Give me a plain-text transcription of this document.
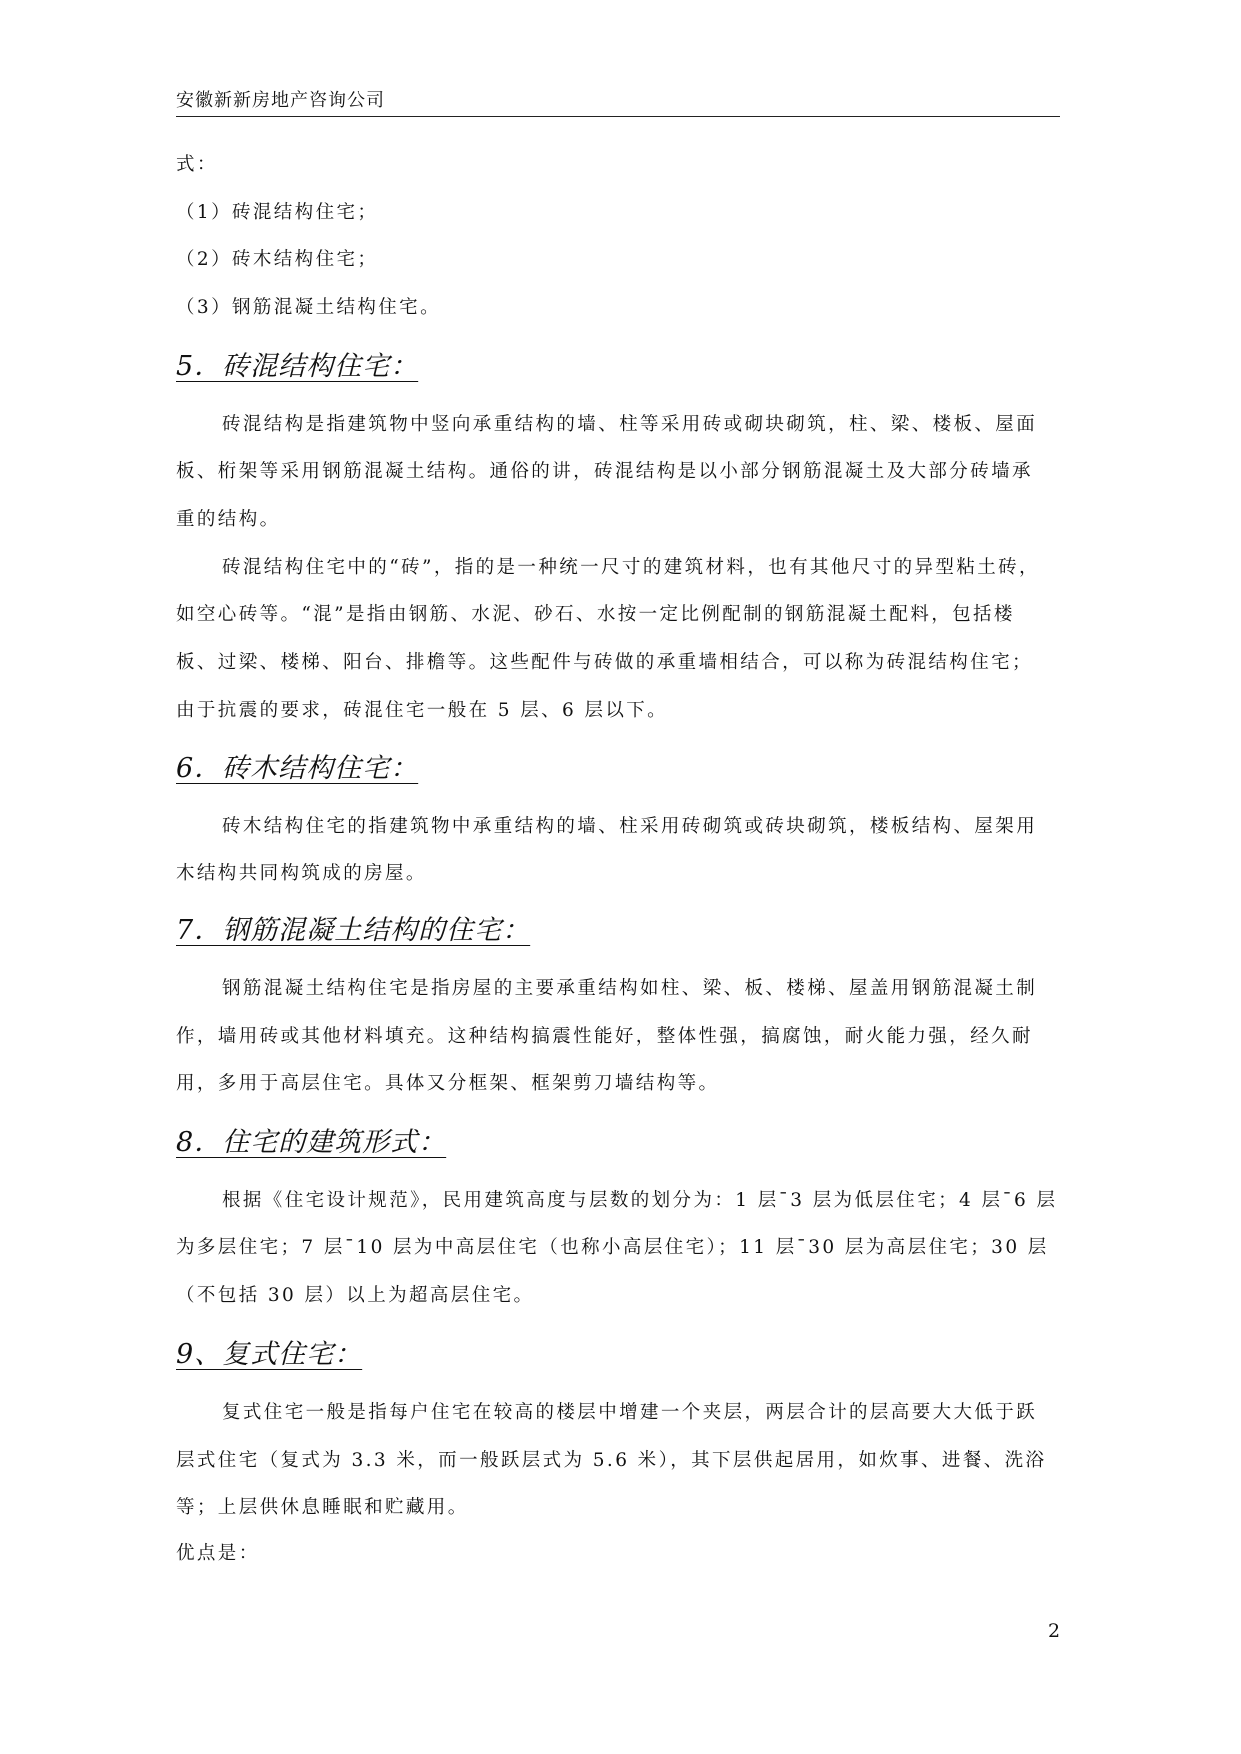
安徽新新房地产咨询公司
式：
（1）砖混结构住宅；
（2）砖木结构住宅；
（3）钢筋混凝土结构住宅。
5．砖混结构住宅：
砖混结构是指建筑物中竖向承重结构的墙、柱等采用砖或砌块砌筑，柱、梁、楼板、屋面
板、桁架等采用钢筋混凝土结构。通俗的讲，砖混结构是以小部分钢筋混凝土及大部分砖墙承
重的结构。
砖混结构住宅中的“砖”，指的是一种统一尺寸的建筑材料，也有其他尺寸的异型粘土砖，
如空心砖等。“混”是指由钢筋、水泥、砂石、水按一定比例配制的钢筋混凝土配料，包括楼
板、过梁、楼梯、阳台、排檐等。这些配件与砖做的承重墙相结合，可以称为砖混结构住宅；
由于抗震的要求，砖混住宅一般在 5 层、6 层以下。
6．砖木结构住宅：
砖木结构住宅的指建筑物中承重结构的墙、柱采用砖砌筑或砖块砌筑，楼板结构、屋架用
木结构共同构筑成的房屋。
7．钢筋混凝土结构的住宅：
钢筋混凝土结构住宅是指房屋的主要承重结构如柱、梁、板、楼梯、屋盖用钢筋混凝土制
作，墙用砖或其他材料填充。这种结构搞震性能好，整体性强，搞腐蚀，耐火能力强，经久耐
用，多用于高层住宅。具体又分框架、框架剪刀墙结构等。
8．住宅的建筑形式：
根据《住宅设计规范》，民用建筑高度与层数的划分为：1 层¯3 层为低层住宅；4 层¯6 层
为多层住宅；7 层¯10 层为中高层住宅（也称小高层住宅）；11 层¯30 层为高层住宅；30 层
（不包括 30 层）以上为超高层住宅。
9、复式住宅：
复式住宅一般是指每户住宅在较高的楼层中增建一个夹层，两层合计的层高要大大低于跃
层式住宅（复式为 3.3 米，而一般跃层式为 5.6 米），其下层供起居用，如炊事、进餐、洗浴
等；上层供休息睡眠和贮藏用。
优点是：
2
